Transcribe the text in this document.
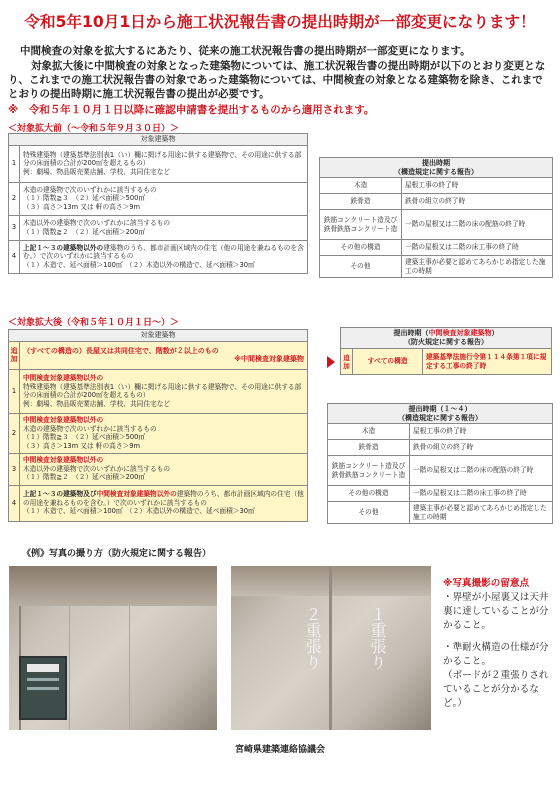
令和5年10月1日から施工状況報告書の提出時期が一部変更になります！
中間検査の対象を拡大するにあたり、従来の施工状況報告書の提出時期が一部変更になります。
対象拡大後に中間検査の対象となった建築物については、施工状況報告書の提出時期が以下のとおり変更となり、これまでの施工状況報告書の対象であった建築物については、中間検査の対象となる建築物を除き、これまでとおりの提出時期に施工状況報告書の提出が必要です。
※　令和５年１０月１日以降に確認申請書を提出するものから適用されます。
＜対象拡大前（～令和５年９月３０日）＞
対象建築物	
1	特殊建築物（建築基準法別表1（い）欄に掲げる用途に供する建築物で、その用途に供する部分の床面積の合計が200㎡を超えるもの）
例：劇場、物品販売業店舗、学校、共同住宅など
2	木造の建築物で次のいずれかに該当するもの
（１）階数≧３　（２）延べ面積＞500㎡
（３）高さ＞13m 又は 軒の高さ＞9m
3	木造以外の建築物で次のいずれかに該当するもの
（１）階数≧２　（２）延べ面積＞200㎡
4	上記１～３の建築物以外の建築物のうち、都市計画区域内の住宅（他の用途を兼ねるものを含む。）で次のいずれかに該当するもの
（１）木造で、延べ面積＞100㎡　（２）木造以外の構造で、延べ面積＞30㎡
提出時期
（構造規定に関する報告）	
木造	屋根工事の終了時
鉄骨造	鉄骨の組立の終了時
鉄筋コンクリート造及び鉄骨鉄筋コンクリート造	一階の屋根又は二階の床の配筋の終了時
その他の構造	一階の屋根又は二階の床工事の終了時
その他	建築主事が必要と認めてあらかじめ指定した施工の時期
＜対象拡大後（令和５年１０月１日～）＞
対象建築物	
追加	（すべての構造の）長屋又は共同住宅で、階数が２以上のもの
※中間検査対象建築物

1	中間検査対象建築物以外の
特殊建築物（建築基準法別表1（い）欄に掲げる用途に供する建築物で、その用途に供する部分の床面積の合計が200㎡を超えるもの）
例：劇場、物品販売業店舗、学校、共同住宅など
2	中間検査対象建築物以外の
木造の建築物で次のいずれかに該当するもの
（１）階数≧３　（２）延べ面積＞500㎡
（３）高さ＞13m 又は 軒の高さ＞9m
3	中間検査対象建築物以外の
木造以外の建築物で次のいずれかに該当するもの
（１）階数≧２　（２）延べ面積＞200㎡
4	上記１～３の建築物及び中間検査対象建築物以外の建築物のうち、都市計画区域内の住宅（他の用途を兼ねるものを含む。）で次のいずれかに該当するもの
（１）木造で、延べ面積＞100㎡　（２）木造以外の構造で、延べ面積＞30㎡
提出時期（中間検査対象建築物）
（防火規定に関する報告）
追加	すべての構造	建築基準法施行令第１１４条第１項に規定する工事の終了時
提出時期（１～４）
（構造規定に関する報告）	
木造	屋根工事の終了時
鉄骨造	鉄骨の組立の終了時
鉄筋コンクリート造及び鉄骨鉄筋コンクリート造	一階の屋根又は二階の床の配筋の終了時
その他の構造	一階の屋根又は二階の床工事の終了時
その他	建築主事が必要と認めてあらかじめ指定した施工の時期
《例》写真の撮り方（防火規定に関する報告）
２重張り	１重張り
※写真撮影の留意点
・界壁が小屋裏又は天井裏に達していることが分かること。
・準耐火構造の仕様が分かること。
（ボードが２重張りされていることが分かるなど。）
宮崎県建築連絡協議会
